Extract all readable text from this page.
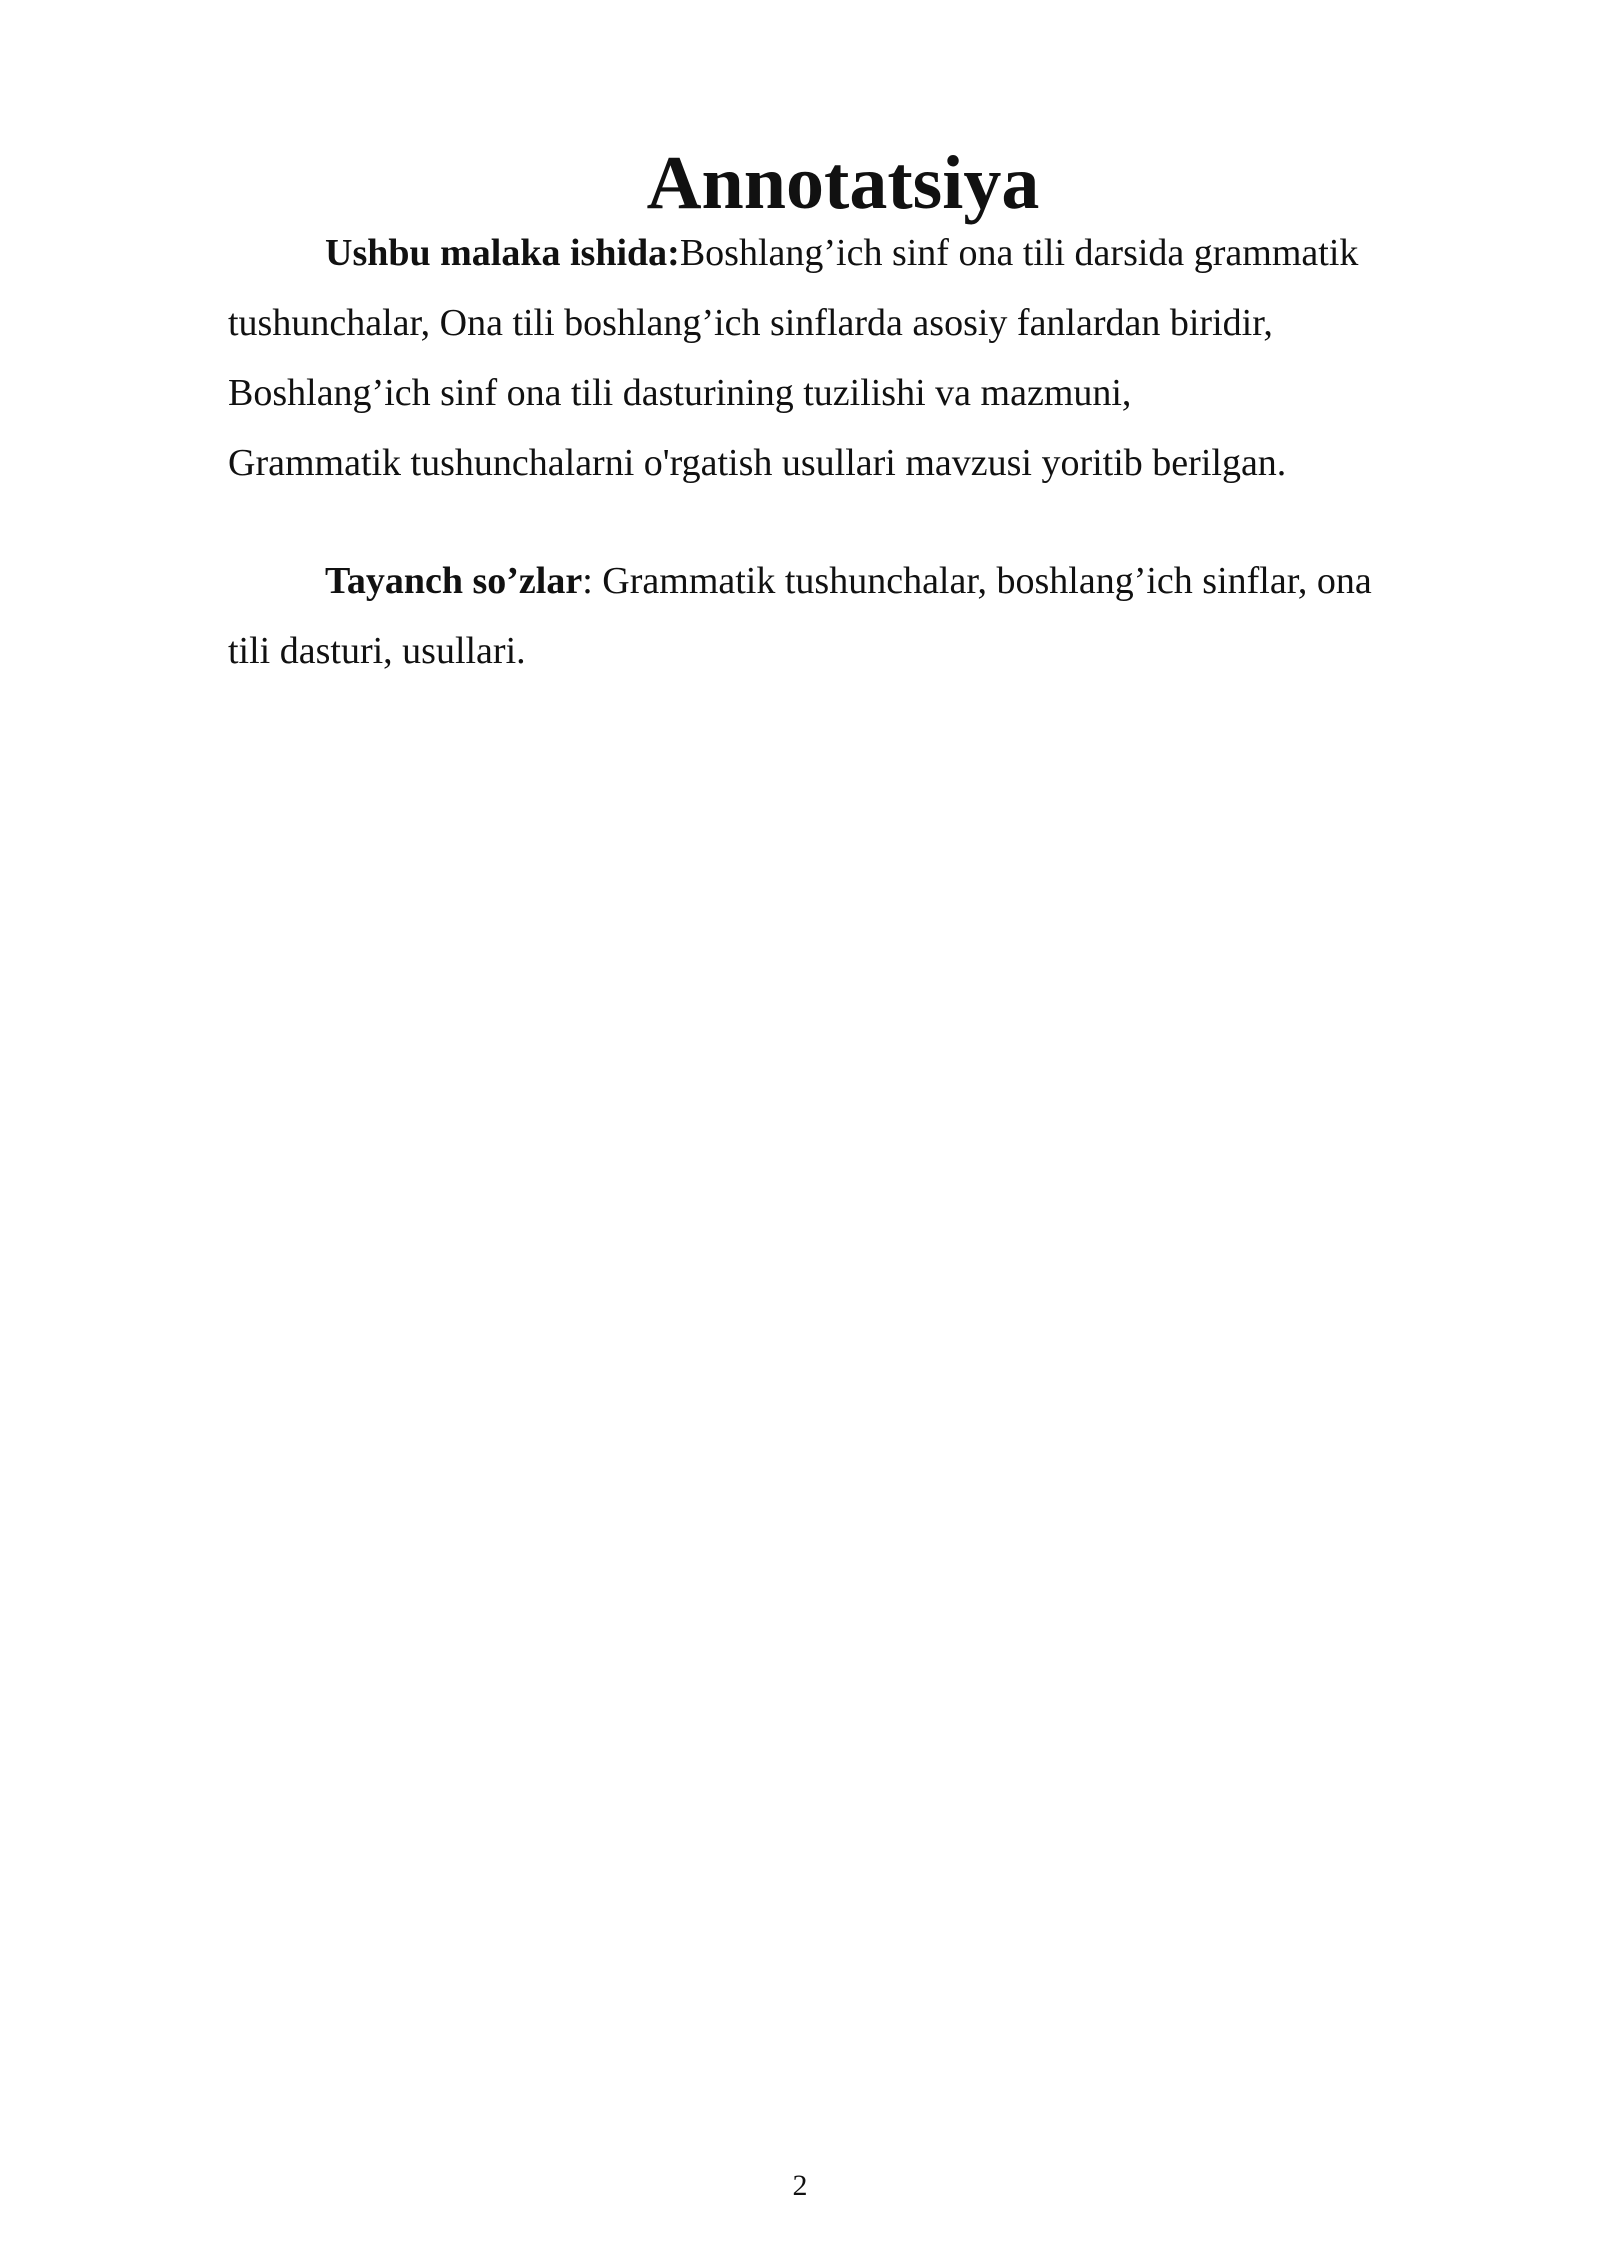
Annotatsiya

Ushbu malaka ishida:Boshlang’ich sinf ona tili darsida grammatik
tushunchalar, Ona tili boshlang’ich sinflarda asosiy fanlardan biridir,
Boshlang’ich sinf ona tili dasturining tuzilishi va mazmuni,
Grammatik tushunchalarni o'rgatish usullari mavzusi yoritib berilgan.

Tayanch so’zlar: Grammatik tushunchalar, boshlang’ich sinflar, ona
tili dasturi, usullari.

2
